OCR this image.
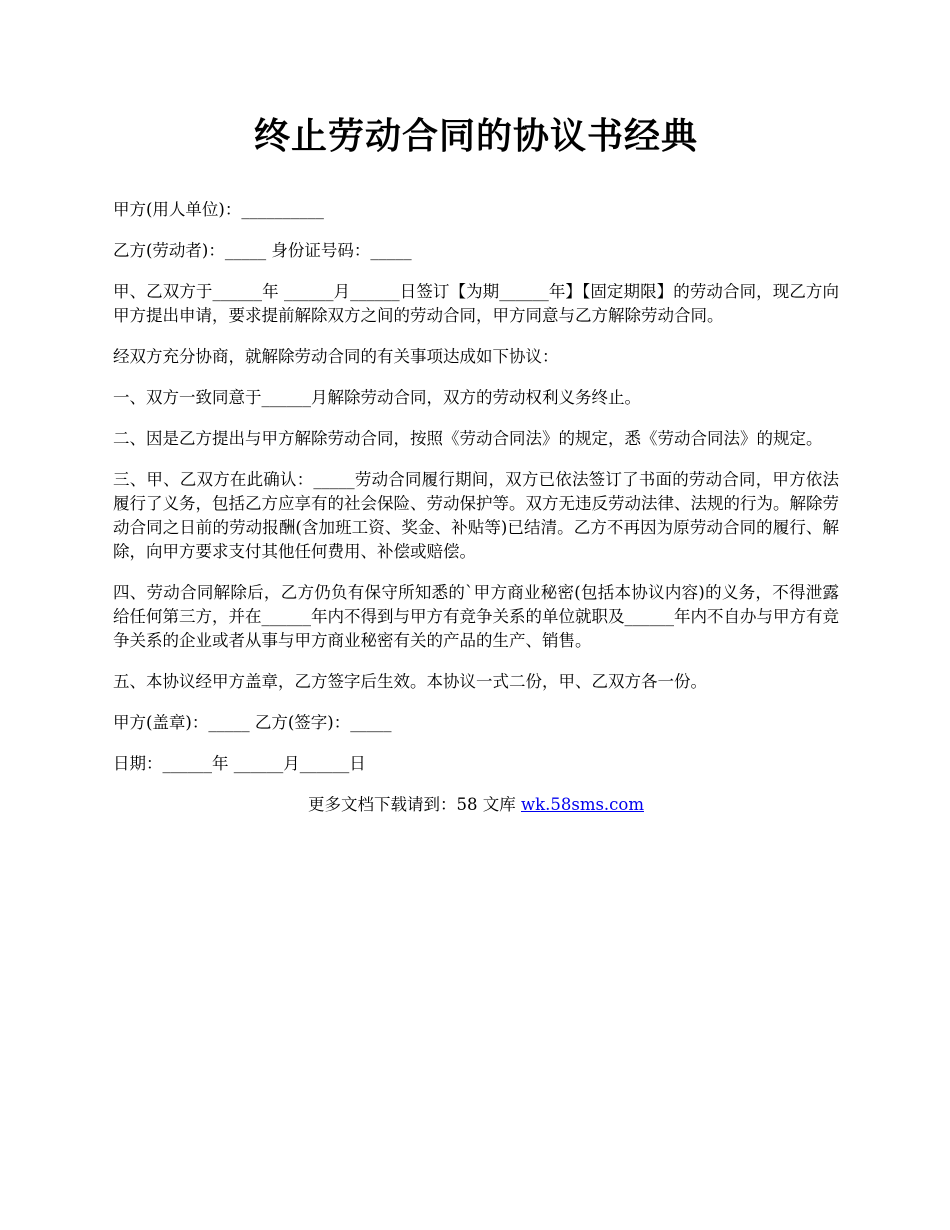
终止劳动合同的协议书经典

甲方(用人单位)：__________

乙方(劳动者)：_____ 身份证号码：_____

甲、乙双方于______年 ______月______日签订【为期______年】【固定期限】的劳动合同，现乙方向甲方提出申请，要求提前解除双方之间的劳动合同，甲方同意与乙方解除劳动合同。

经双方充分协商，就解除劳动合同的有关事项达成如下协议：

一、双方一致同意于______月解除劳动合同，双方的劳动权利义务终止。

二、因是乙方提出与甲方解除劳动合同，按照《劳动合同法》的规定，悉《劳动合同法》的规定。

三、甲、乙双方在此确认：_____劳动合同履行期间，双方已依法签订了书面的劳动合同，甲方依法履行了义务，包括乙方应享有的社会保险、劳动保护等。双方无违反劳动法律、法规的行为。解除劳动合同之日前的劳动报酬(含加班工资、奖金、补贴等)已结清。乙方不再因为原劳动合同的履行、解除，向甲方要求支付其他任何费用、补偿或赔偿。

四、劳动合同解除后，乙方仍负有保守所知悉的`甲方商业秘密(包括本协议内容)的义务，不得泄露给任何第三方，并在______年内不得到与甲方有竞争关系的单位就职及______年内不自办与甲方有竞争关系的企业或者从事与甲方商业秘密有关的产品的生产、销售。

五、本协议经甲方盖章，乙方签字后生效。本协议一式二份，甲、乙双方各一份。

甲方(盖章)：_____ 乙方(签字)：_____

日期：______年 ______月______日

更多文档下载请到：58 文库 wk.58sms.com
